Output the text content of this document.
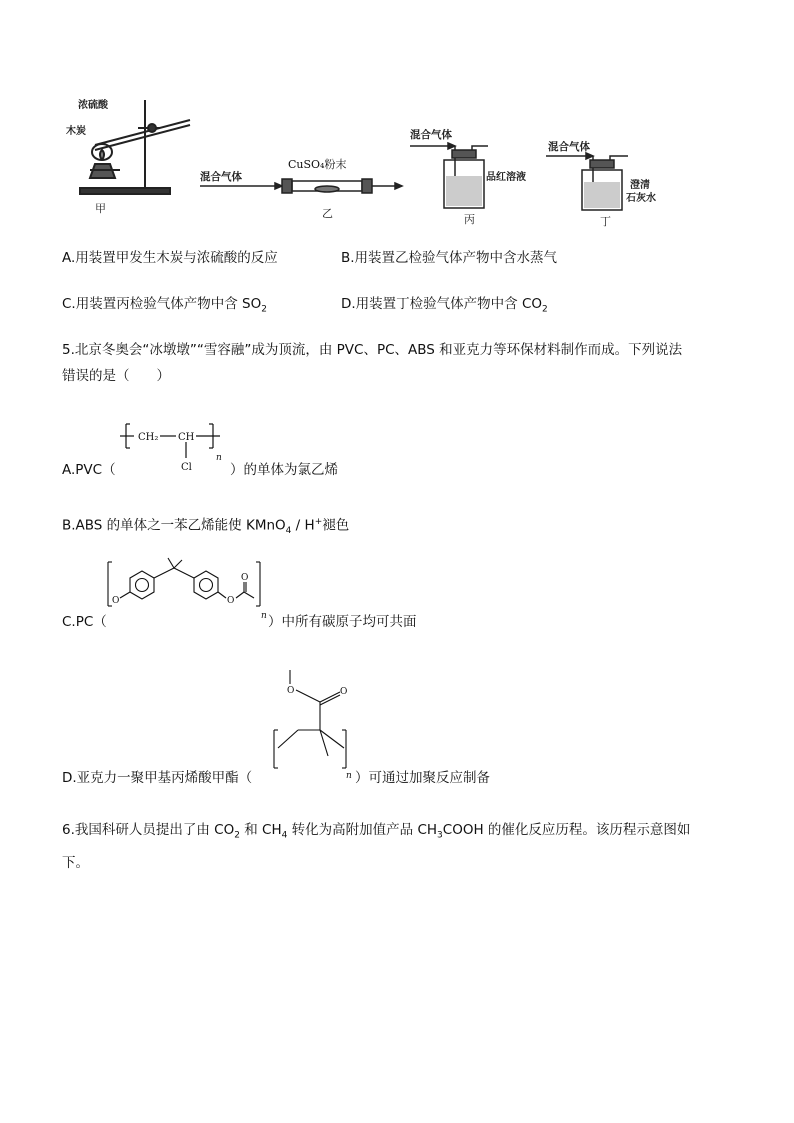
浓硫酸
木炭
甲
混合气体
CuSO₄粉末
乙
混合气体
品红溶液
丙
混合气体
澄清
石灰水
丁
A.用装置甲发生木炭与浓硫酸的反应	B.用装置乙检验气体产物中含水蒸气
C.用装置丙检验气体产物中含 $SO_2$	D.用装置丁检验气体产物中含 $CO_2$
5.北京冬奥会“冰墩墩”“雪容融”成为顶流，由 PVC、PC、ABS 和亚克力等环保材料制作而成。下列说法
错误的是（　　）
CH₂ CH
Cl
n
A.PVC（	）的单体为氯乙烯
B.ABS 的单体之一苯乙烯能使 KMnO$_4$ / H+褪色
O	O
O
n
C.PC（	）中所有碳原子均可共面
O	O
n
D.亚克力一聚甲基丙烯酸甲酯（	）可通过加聚反应制备
6.我国科研人员提出了由 $CO_2$ 和 $CH_4$ 转化为高附加值产品 $CH_3COOH$ 的催化反应历程。该历程示意图如
下。
